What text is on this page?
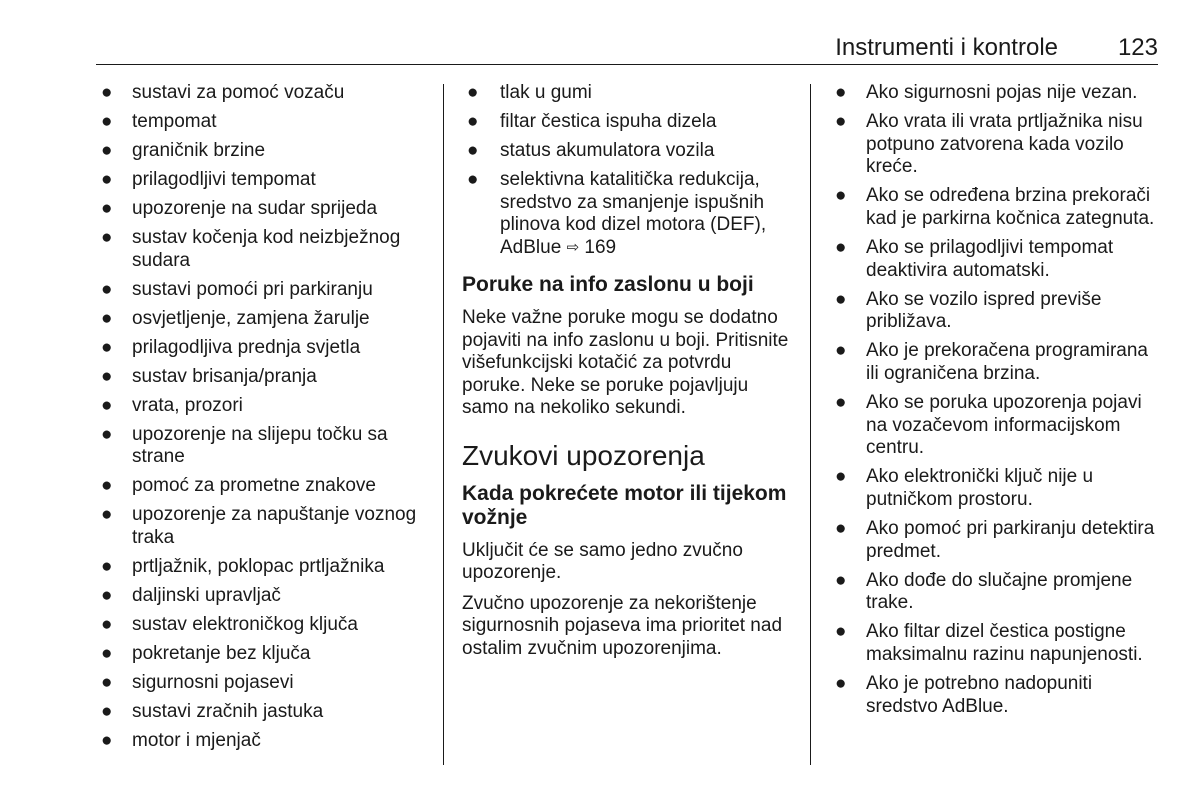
Instrumenti i kontrole	123
● sustavi za pomoć vozaču
● tempomat
● graničnik brzine
● prilagodljivi tempomat
● upozorenje na sudar sprijeda
● sustav kočenja kod neizbježnog sudara
● sustavi pomoći pri parkiranju
● osvjetljenje, zamjena žarulje
● prilagodljiva prednja svjetla
● sustav brisanja/pranja
● vrata, prozori
● upozorenje na slijepu točku sa strane
● pomoć za prometne znakove
● upozorenje za napuštanje voznog traka
● prtljažnik, poklopac prtljažnika
● daljinski upravljač
● sustav elektroničkog ključa
● pokretanje bez ključa
● sigurnosni pojasevi
● sustavi zračnih jastuka
● motor i mjenjač
● tlak u gumi
● filtar čestica ispuha dizela
● status akumulatora vozila
● selektivna katalitička redukcija, sredstvo za smanjenje ispušnih plinova kod dizel motora (DEF), AdBlue ⇨ 169
Poruke na info zaslonu u boji

Neke važne poruke mogu se dodatno pojaviti na info zaslonu u boji. Pritisnite višefunkcijski kotačić za potvrdu poruke. Neke se poruke pojavljuju samo na nekoliko sekundi.

Zvukovi upozorenja
Kada pokrećete motor ili tijekom vožnje

Uključit će se samo jedno zvučno upozorenje.

Zvučno upozorenje za nekorištenje sigurnosnih pojaseva ima prioritet nad ostalim zvučnim upozorenjima.

● Ako sigurnosni pojas nije vezan.
● Ako vrata ili vrata prtljažnika nisu potpuno zatvorena kada vozilo kreće.
● Ako se određena brzina prekorači kad je parkirna kočnica zategnuta.
● Ako se prilagodljivi tempomat deaktivira automatski.
● Ako se vozilo ispred previše približava.
● Ako je prekoračena programirana ili ograničena brzina.
● Ako se poruka upozorenja pojavi na vozačevom informacijskom centru.
● Ako elektronički ključ nije u putničkom prostoru.
● Ako pomoć pri parkiranju detektira predmet.
● Ako dođe do slučajne promjene trake.
● Ako filtar dizel čestica postigne maksimalnu razinu napunjenosti.
● Ako je potrebno nadopuniti sredstvo AdBlue.
